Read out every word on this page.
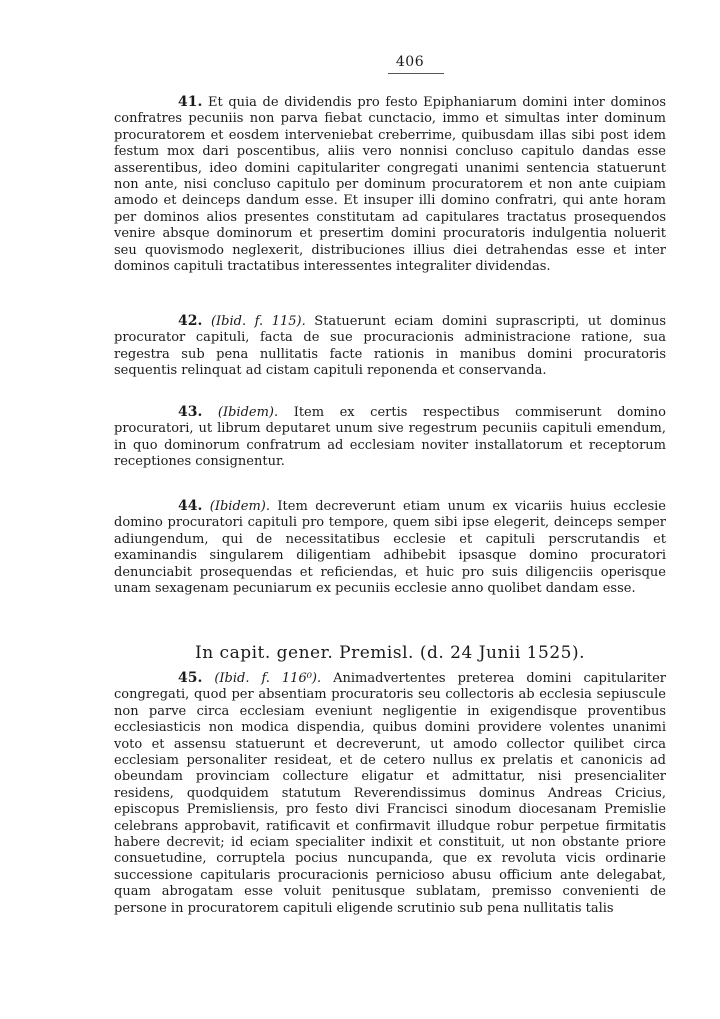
406

41. Et quia de dividendis pro festo Epiphaniarum domini inter dominos confratres pecuniis non parva fiebat cunctacio, immo et simultas inter dominum procuratorem et eosdem interveniebat creberrime, quibusdam illas sibi post idem festum mox dari poscentibus, aliis vero nonnisi concluso capitulo dandas esse asserentibus, ideo domini capitulariter congregati unanimi sentencia statuerunt non ante, nisi concluso capitulo per dominum procuratorem et non ante cuipiam amodo et deinceps dandum esse. Et insuper illi domino confratri, qui ante horam per dominos alios presentes constitutam ad capitulares tractatus prosequendos venire absque dominorum et presertim domini procuratoris indulgentia noluerit seu quovismodo neglexerit, distribuciones illius diei detrahendas esse et inter dominos capituli tractatibus interessentes integraliter dividendas.

42. (Ibid. f. 115). Statuerunt eciam domini suprascripti, ut dominus procurator capituli, facta de sue procuracionis administracione ratione, sua regestra sub pena nullitatis facte rationis in manibus domini procuratoris sequentis relinquat ad cistam capituli reponenda et conservanda.

43. (Ibidem). Item ex certis respectibus commiserunt domino procuratori, ut librum deputaret unum sive regestrum pecuniis capituli emendum, in quo dominorum confratrum ad ecclesiam noviter installatorum et receptorum receptiones consignentur.

44. (Ibidem). Item decreverunt etiam unum ex vicariis huius ecclesie domino procuratori capituli pro tempore, quem sibi ipse elegerit, deinceps semper adiungendum, qui de necessitatibus ecclesie et capituli perscrutandis et examinandis singularem diligentiam adhibebit ipsasque domino procuratori denunciabit prosequendas et reficiendas, et huic pro suis diligenciis operisque unam sexagenam pecuniarum ex pecuniis ecclesie anno quolibet dandam esse.

In capit. gener. Premisl. (d. 24 Junii 1525).

45. (Ibid. f. 116⁰). Animadvertentes preterea domini capitulariter congregati, quod per absentiam procuratoris seu collectoris ab ecclesia sepiuscule non parve circa ecclesiam eveniunt negligentie in exigendisque proventibus ecclesiasticis non modica dispendia, quibus domini providere volentes unanimi voto et assensu statuerunt et decreverunt, ut amodo collector quilibet circa ecclesiam personaliter resideat, et de cetero nullus ex prelatis et canonicis ad obeundam provinciam collecture eligatur et admittatur, nisi presencialiter residens, quodquidem statutum Reverendissimus dominus Andreas Cricius, episcopus Premisliensis, pro festo divi Francisci sinodum diocesanam Premislie celebrans approbavit, ratificavit et confirmavit illudque robur perpetue firmitatis habere decrevit; id eciam specialiter indixit et constituit, ut non obstante priore consuetudine, corruptela pocius nuncupanda, que ex revoluta vicis ordinarie successione capitularis procuracionis pernicioso abusu officium ante delegabat, quam abrogatam esse voluit penitusque sublatam, premisso convenienti de persone in procuratorem capituli eligende scrutinio sub pena nullitatis talis
